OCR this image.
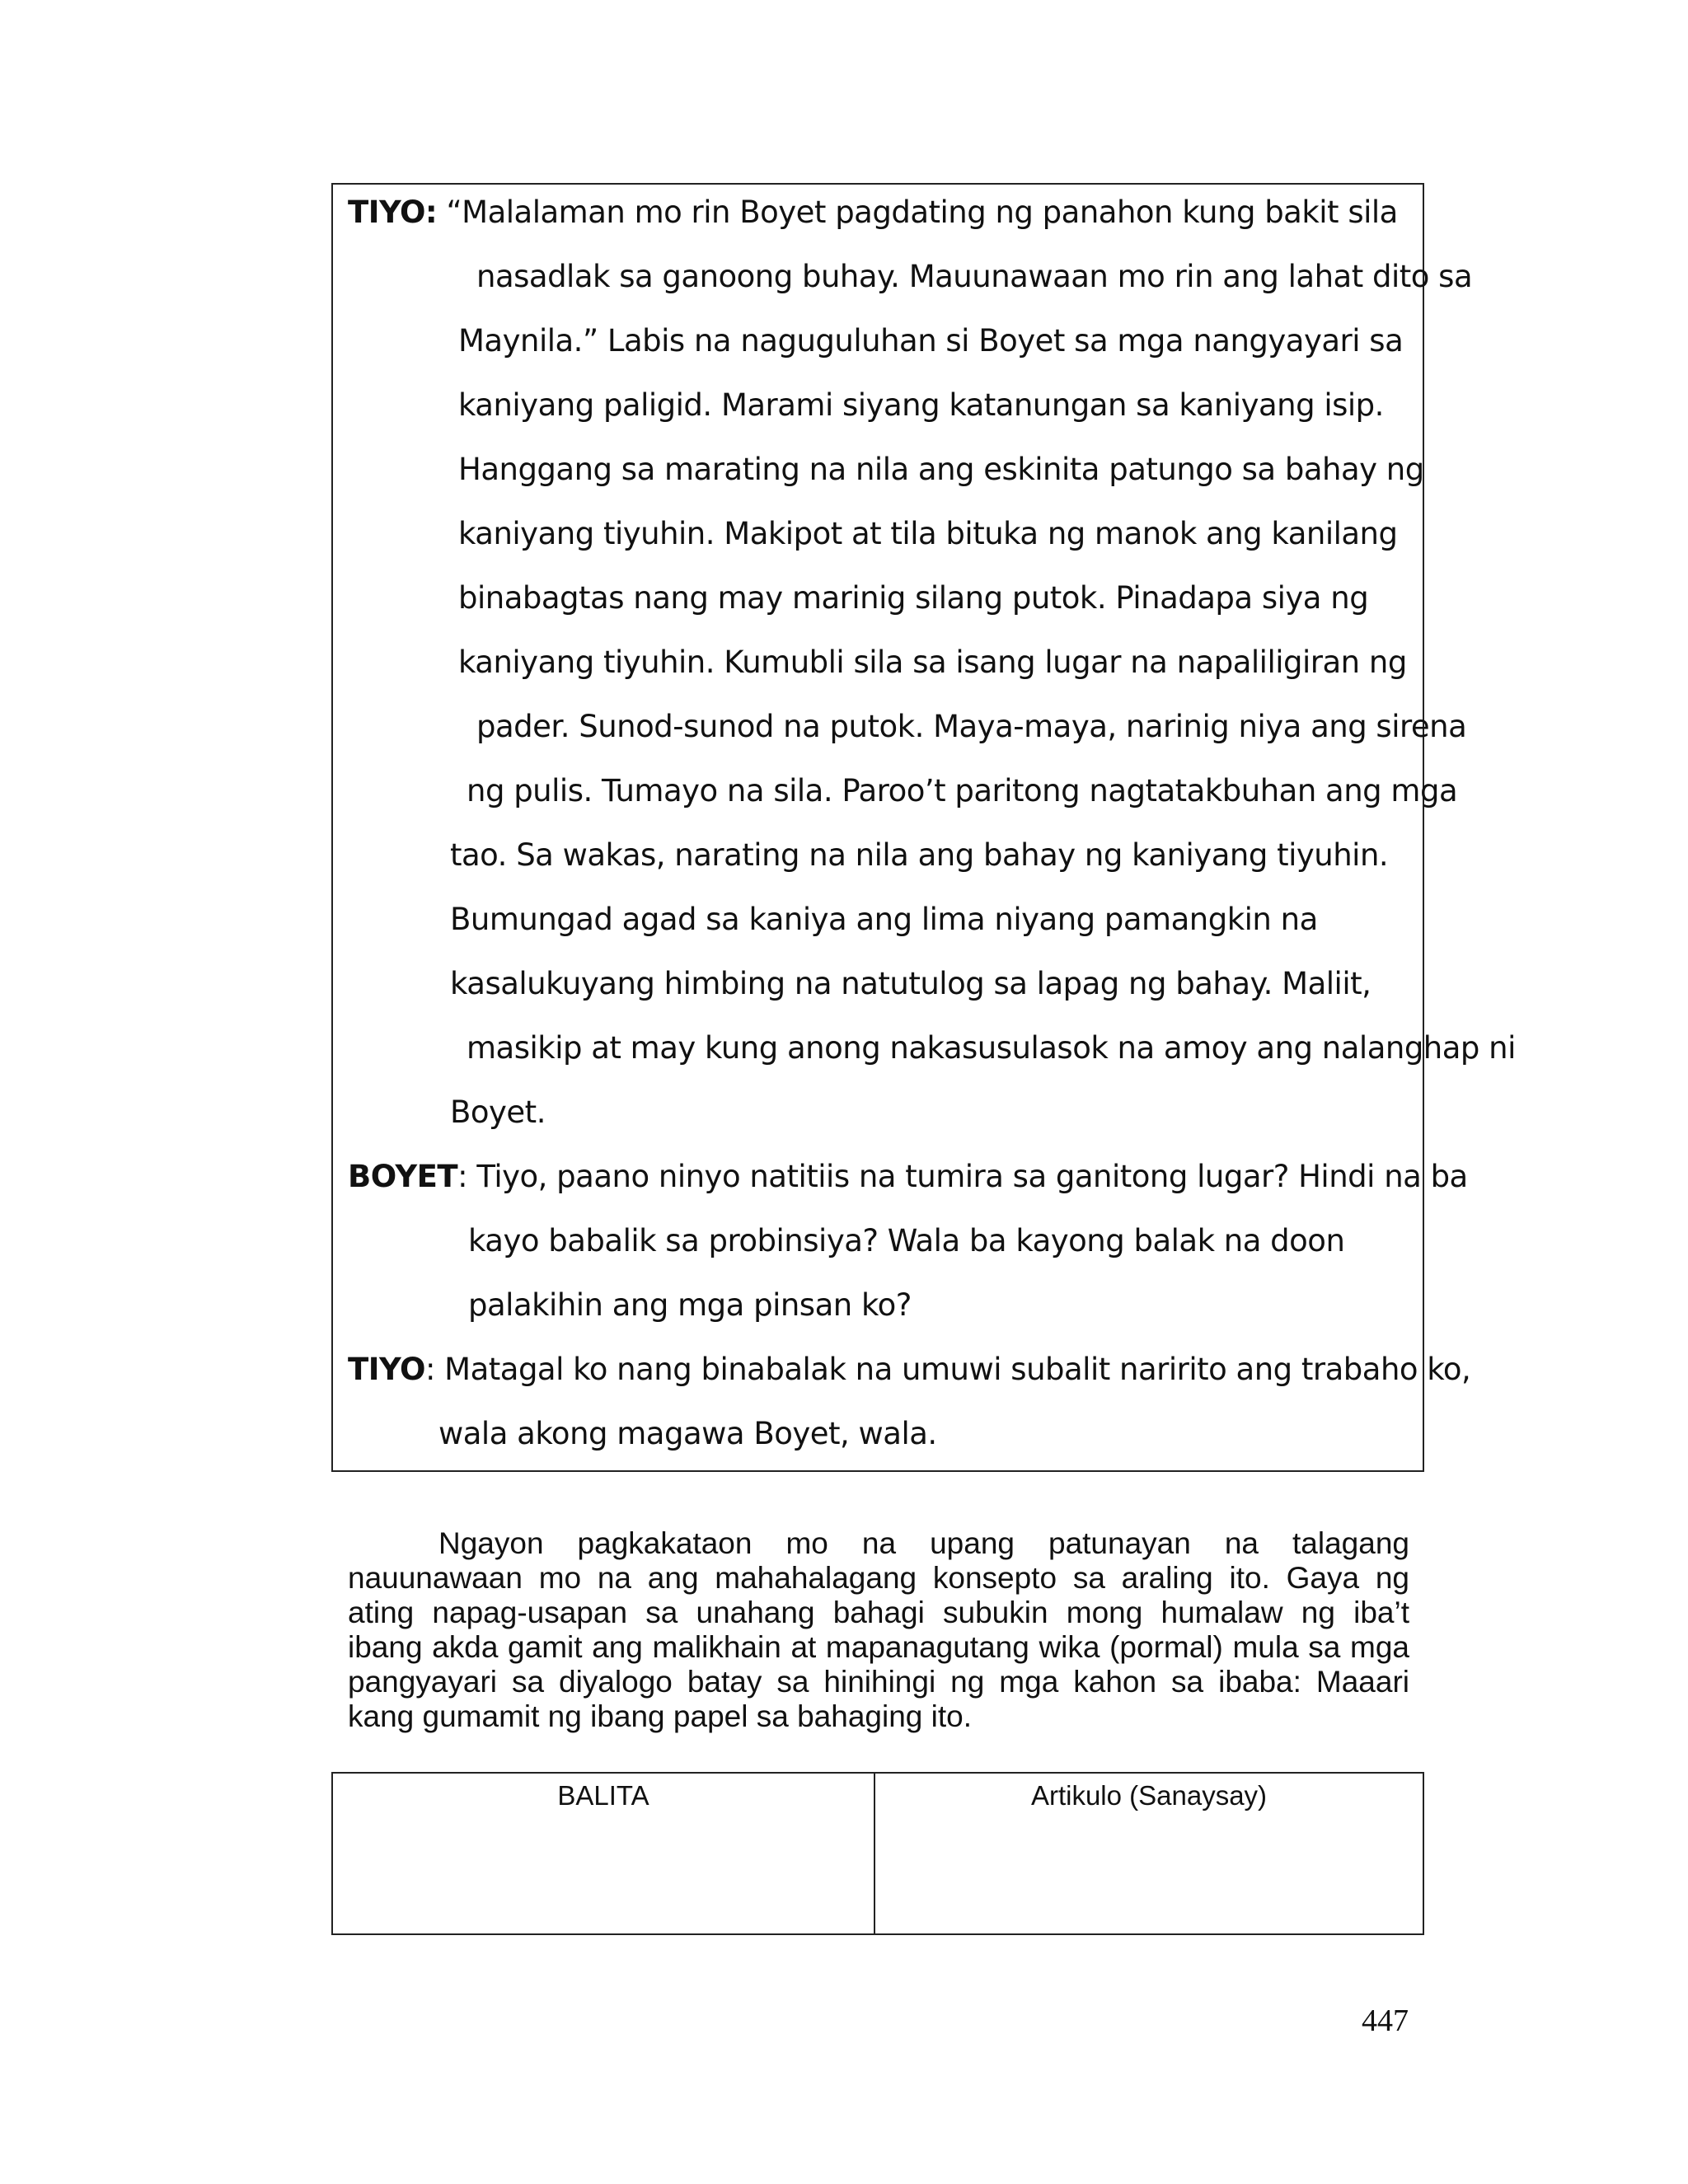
TIYO: “Malalaman mo rin Boyet pagdating ng panahon kung bakit sila
nasadlak sa ganoong buhay. Mauunawaan mo rin ang lahat dito sa
Maynila.” Labis na naguguluhan si Boyet sa mga nangyayari sa
kaniyang paligid. Marami siyang katanungan sa kaniyang isip.
Hanggang sa marating na nila ang eskinita patungo sa bahay ng
kaniyang tiyuhin. Makipot at tila bituka ng manok ang kanilang
binabagtas nang may marinig silang putok. Pinadapa siya ng
kaniyang tiyuhin. Kumubli sila sa isang lugar na napaliligiran ng
pader. Sunod-sunod na putok. Maya-maya, narinig niya ang sirena
ng pulis. Tumayo na sila. Paroo’t paritong nagtatakbuhan ang mga
tao. Sa wakas, narating na nila ang bahay ng kaniyang tiyuhin.
Bumungad agad sa kaniya ang lima niyang pamangkin na
kasalukuyang himbing na natutulog sa lapag ng bahay. Maliit,
masikip at may kung anong nakasusulasok na amoy ang nalanghap ni
Boyet.
BOYET: Tiyo, paano ninyo natitiis na tumira sa ganitong lugar? Hindi na ba
kayo babalik sa probinsiya? Wala ba kayong balak na doon
palakihin ang mga pinsan ko?
TIYO: Matagal ko nang binabalak na umuwi subalit naririto ang trabaho ko,
wala akong magawa Boyet, wala.
Ngayon pagkakataon mo na upang patunayan na talagang
nauunawaan mo na ang mahahalagang konsepto sa araling ito. Gaya ng
ating napag-usapan sa unahang bahagi subukin mong humalaw ng iba’t
ibang akda gamit ang malikhain at mapanagutang wika (pormal) mula sa mga
pangyayari sa diyalogo batay sa hinihingi ng mga kahon sa ibaba: Maaari
kang gumamit ng ibang papel sa bahaging ito.
BALITA	Artikulo (Sanaysay)
447
